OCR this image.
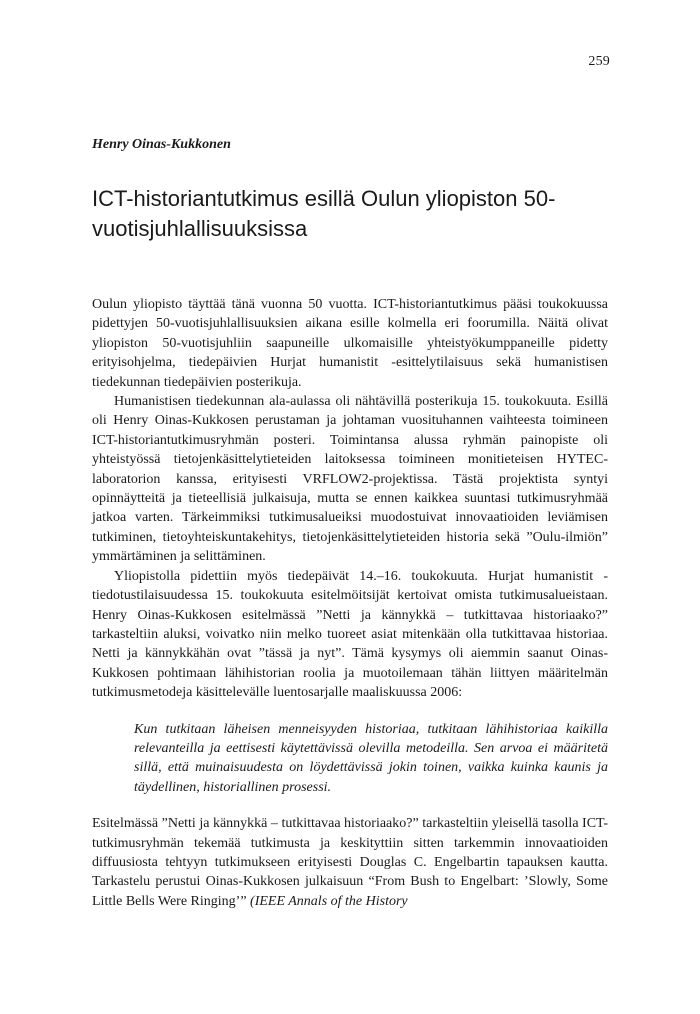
259
Henry Oinas-Kukkonen
ICT-historiantutkimus esillä Oulun yliopiston 50-vuotisjuhlallisuuksissa

Oulun yliopisto täyttää tänä vuonna 50 vuotta. ICT-historiantutkimus pääsi toukokuussa pidettyjen 50-vuotisjuhlallisuuksien aikana esille kolmella eri foorumilla. Näitä olivat yliopiston 50-vuotisjuhliin saapuneille ulkomaisille yhteistyökumppaneille pidetty erityisohjelma, tiedepäivien Hurjat humanistit -esittelytilaisuus sekä humanistisen tiedekunnan tiedepäivien posterikuja.

Humanistisen tiedekunnan ala-aulassa oli nähtävillä posterikuja 15. toukokuuta. Esillä oli Henry Oinas-Kukkosen perustaman ja johtaman vuosituhannen vaihteesta toimineen ICT-historiantutkimusryhmän posteri. Toimintansa alussa ryhmän painopiste oli yhteistyössä tietojenkäsittelytieteiden laitoksessa toimineen monitieteisen HYTEC-laboratorion kanssa, erityisesti VRFLOW2-projektissa. Tästä projektista syntyi opinnäytteitä ja tieteellisiä julkaisuja, mutta se ennen kaikkea suuntasi tutkimusryhmää jatkoa varten. Tärkeimmiksi tutkimusalueiksi muodostuivat innovaatioiden leviämisen tutkiminen, tietoyhteiskuntakehitys, tietojenkäsittelytieteiden historia sekä ”Oulu-ilmiön” ymmärtäminen ja selittäminen.

Yliopistolla pidettiin myös tiedepäivät 14.–16. toukokuuta. Hurjat humanistit -tiedotustilaisuudessa 15. toukokuuta esitelmöitsijät kertoivat omista tutkimusalueistaan. Henry Oinas-Kukkosen esitelmässä ”Netti ja kännykkä – tutkittavaa historiaako?” tarkasteltiin aluksi, voivatko niin melko tuoreet asiat mitenkään olla tutkittavaa historiaa. Netti ja kännykkähän ovat ”tässä ja nyt”. Tämä kysymys oli aiemmin saanut Oinas-Kukkosen pohtimaan lähihistorian roolia ja muotoilemaan tähän liittyen määritelmän tutkimusmetodeja käsittelevälle luentosarjalle maaliskuussa 2006:

Kun tutkitaan läheisen menneisyyden historiaa, tutkitaan lähihistoriaa kaikilla relevanteilla ja eettisesti käytettävissä olevilla metodeilla. Sen arvoa ei määritetä sillä, että muinaisuudesta on löydettävissä jokin toinen, vaikka kuinka kaunis ja täydellinen, historiallinen prosessi.

Esitelmässä ”Netti ja kännykkä – tutkittavaa historiaako?” tarkasteltiin yleisellä tasolla ICT-tutkimusryhmän tekemää tutkimusta ja keskityttiin sitten tarkemmin innovaatioiden diffuusiosta tehtyyn tutkimukseen erityisesti Douglas C. Engelbartin tapauksen kautta. Tarkastelu perustui Oinas-Kukkosen julkaisuun “From Bush to Engelbart: ’Slowly, Some Little Bells Were Ringing’” (IEEE Annals of the History
